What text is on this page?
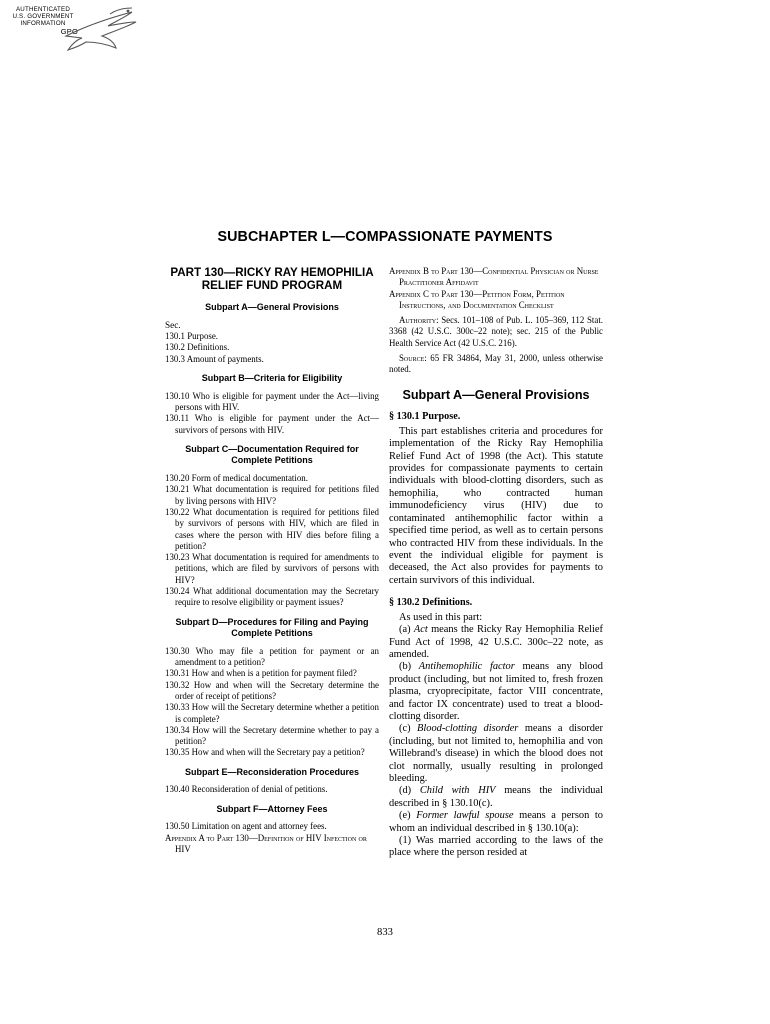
AUTHENTICATED
U.S. GOVERNMENT
INFORMATION
GPO
SUBCHAPTER L—COMPASSIONATE PAYMENTS
PART 130—RICKY RAY HEMOPHILIA
RELIEF FUND PROGRAM
Subpart A—General Provisions

Sec.

130.1 Purpose.

130.2 Definitions.

130.3 Amount of payments.

Subpart B—Criteria for Eligibility

130.10 Who is eligible for payment under the Act—living persons with HIV.

130.11 Who is eligible for payment under the Act—survivors of persons with HIV.

Subpart C—Documentation Required for Complete Petitions

130.20 Form of medical documentation.

130.21 What documentation is required for petitions filed by living persons with HIV?

130.22 What documentation is required for petitions filed by survivors of persons with HIV, which are filed in cases where the person with HIV dies before filing a petition?

130.23 What documentation is required for amendments to petitions, which are filed by survivors of persons with HIV?

130.24 What additional documentation may the Secretary require to resolve eligibility or payment issues?

Subpart D—Procedures for Filing and Paying Complete Petitions

130.30 Who may file a petition for payment or an amendment to a petition?

130.31 How and when is a petition for payment filed?

130.32 How and when will the Secretary determine the order of receipt of petitions?

130.33 How will the Secretary determine whether a petition is complete?

130.34 How will the Secretary determine whether to pay a petition?

130.35 How and when will the Secretary pay a petition?

Subpart E—Reconsideration Procedures

130.40 Reconsideration of denial of petitions.

Subpart F—Attorney Fees

130.50 Limitation on agent and attorney fees.

Appendix A to Part 130—Definition of HIV Infection or HIV

Appendix B to Part 130—Confidential Physician or Nurse Practitioner Affidavit

Appendix C to Part 130—Petition Form, Petition Instructions, and Documentation Checklist

Authority: Secs. 101–108 of Pub. L. 105–369, 112 Stat. 3368 (42 U.S.C. 300c–22 note); sec. 215 of the Public Health Service Act (42 U.S.C. 216).

Source: 65 FR 34864, May 31, 2000, unless otherwise noted.

Subpart A—General Provisions
§ 130.1 Purpose.

This part establishes criteria and procedures for implementation of the Ricky Ray Hemophilia Relief Fund Act of 1998 (the Act). This statute provides for compassionate payments to certain individuals with blood-clotting disorders, such as hemophilia, who contracted human immunodeficiency virus (HIV) due to contaminated antihemophilic factor within a specified time period, as well as to certain persons who contracted HIV from these individuals. In the event the individual eligible for payment is deceased, the Act also provides for payments to certain survivors of this individual.

§ 130.2 Definitions.

As used in this part:

(a) Act means the Ricky Ray Hemophilia Relief Fund Act of 1998, 42 U.S.C. 300c–22 note, as amended.

(b) Antihemophilic factor means any blood product (including, but not limited to, fresh frozen plasma, cryoprecipitate, factor VIII concentrate, and factor IX concentrate) used to treat a blood-clotting disorder.

(c) Blood-clotting disorder means a disorder (including, but not limited to, hemophilia and von Willebrand's disease) in which the blood does not clot normally, usually resulting in prolonged bleeding.

(d) Child with HIV means the individual described in § 130.10(c).

(e) Former lawful spouse means a person to whom an individual described in § 130.10(a):

(1) Was married according to the laws of the place where the person resided at

833
